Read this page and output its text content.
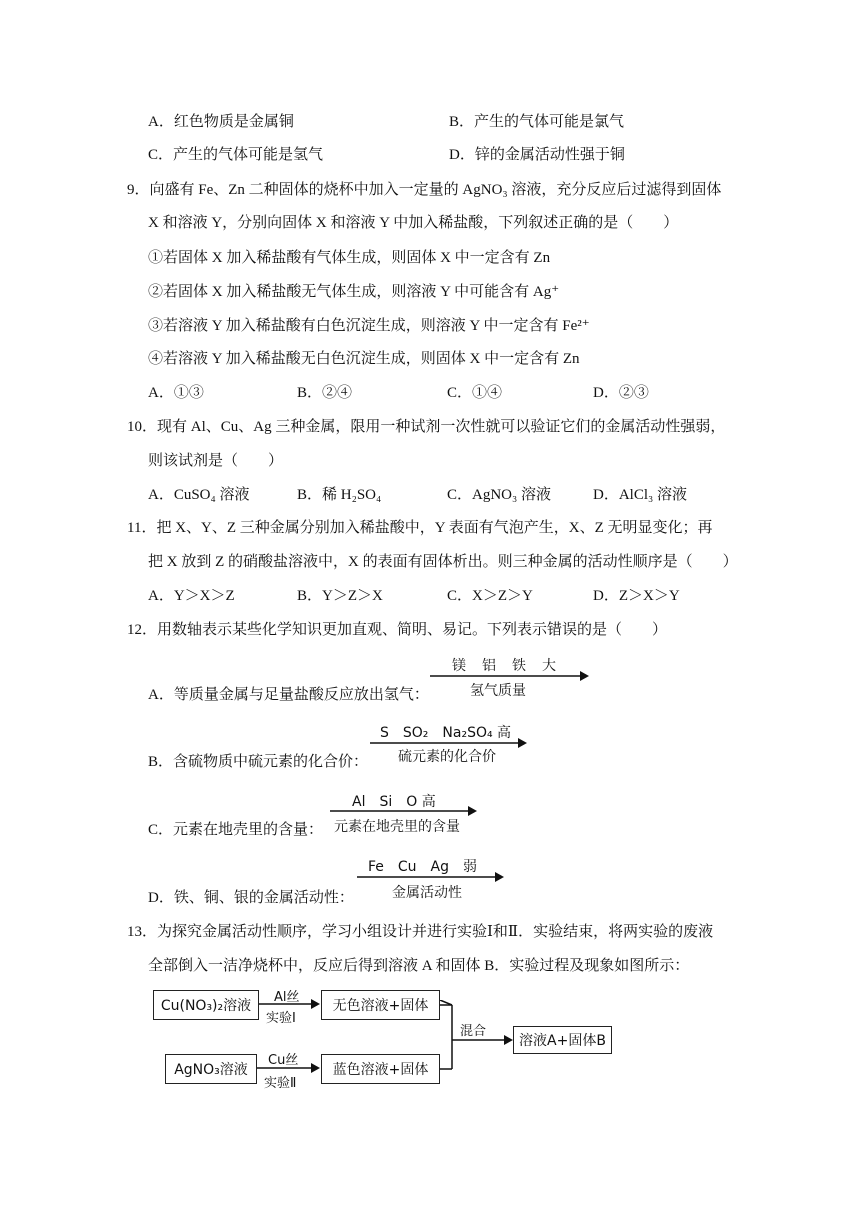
A．红色物质是金属铜	B．产生的气体可能是氯气
C．产生的气体可能是氢气	D．锌的金属活动性强于铜
9．向盛有 Fe、Zn 二种固体的烧杯中加入一定量的 AgNO₃ 溶液，充分反应后过滤得到固体
X 和溶液 Y，分别向固体 X 和溶液 Y 中加入稀盐酸，下列叙述正确的是（　　）
①若固体 X 加入稀盐酸有气体生成，则固体 X 中一定含有 Zn
②若固体 X 加入稀盐酸无气体生成，则溶液 Y 中可能含有 Ag⁺
③若溶液 Y 加入稀盐酸有白色沉淀生成，则溶液 Y 中一定含有 Fe²⁺
④若溶液 Y 加入稀盐酸无白色沉淀生成，则固体 X 中一定含有 Zn
A．①③	B．②④	C．①④	D．②③
10．现有 Al、Cu、Ag 三种金属，限用一种试剂一次性就可以验证它们的金属活动性强弱，
则该试剂是（　　）
A．CuSO₄ 溶液	B．稀 H₂SO₄	C．AgNO₃ 溶液	D．AlCl₃ 溶液
11．把 X、Y、Z 三种金属分别加入稀盐酸中，Y 表面有气泡产生，X、Z 无明显变化；再
把 X 放到 Z 的硝酸盐溶液中，X 的表面有固体析出。则三种金属的活动性顺序是（　　）
A．Y＞X＞Z	B．Y＞Z＞X	C．X＞Z＞Y	D．Z＞X＞Y
12．用数轴表示某些化学知识更加直观、简明、易记。下列表示错误的是（　　）
A．等质量金属与足量盐酸反应放出氢气：
镁　铝　铁　大
氢气质量
B．含硫物质中硫元素的化合价：
S　SO₂　Na₂SO₄ 高
硫元素的化合价
C．元素在地壳里的含量：
Al　Si　O 高
元素在地壳里的含量
D．铁、铜、银的金属活动性：
Fe　Cu　Ag　弱
金属活动性
13．为探究金属活动性顺序，学习小组设计并进行实验Ⅰ和Ⅱ．实验结束，将两实验的废液
全部倒入一洁净烧杯中，反应后得到溶液 A 和固体 B．实验过程及现象如图所示：
Cu(NO₃)₂溶液
Al丝
实验Ⅰ
无色溶液+固体
AgNO₃溶液
Cu丝
实验Ⅱ
蓝色溶液+固体
混合
溶液A+固体B
